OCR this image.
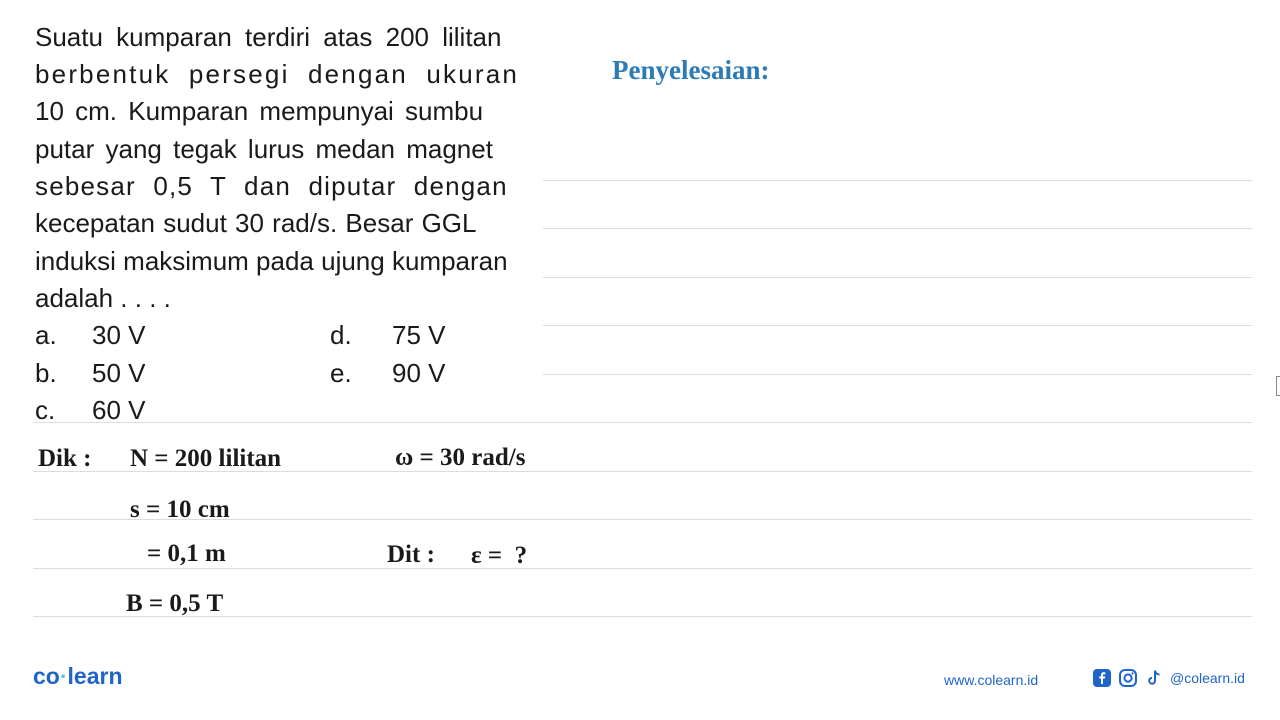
Suatu kumparan terdiri atas 200 lilitan
berbentuk persegi dengan ukuran
10 cm. Kumparan mempunyai sumbu
putar yang tegak lurus medan magnet
sebesar 0,5 T dan diputar dengan
kecepatan sudut 30 rad/s. Besar GGL
induksi maksimum pada ujung kumparan
adalah . . . .
a. 30 V
b. 50 V
c. 60 V
d. 75 V
e. 90 V
Penyelesaian:
Dik : N = 200 lilitan	ω = 30 rad/s
s = 10 cm
= 0,1 m	Dit : ε =  ?
B = 0,5 T
co·learn	www.colearn.id	@colearn.id
